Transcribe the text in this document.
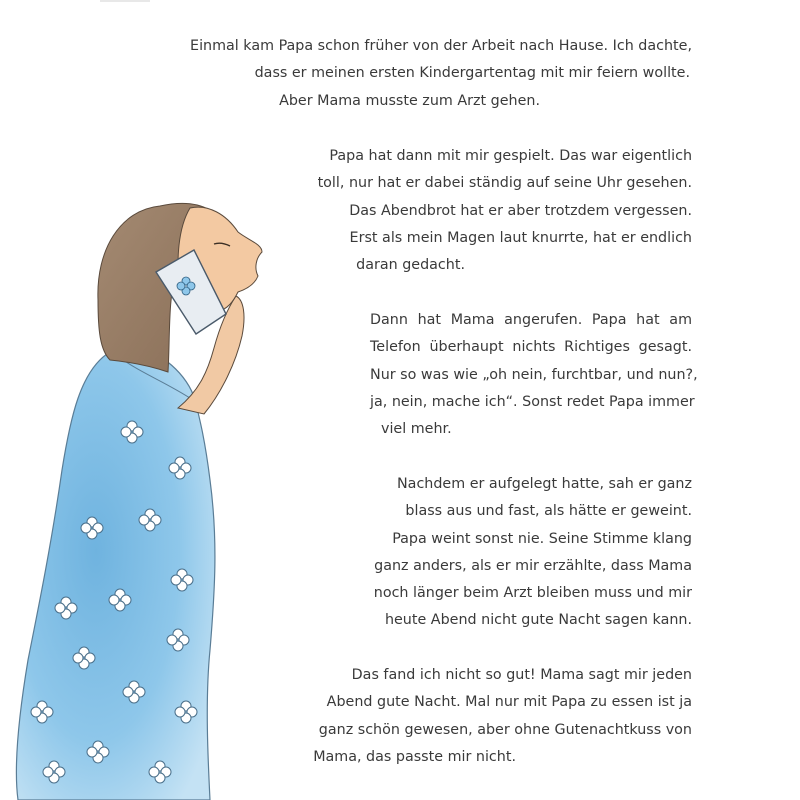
Einmal kam Papa schon früher von der Arbeit nach Hause. Ich dachte,
dass er meinen ersten Kindergartentag mit mir feiern wollte.
Aber Mama musste zum Arzt gehen.
Papa hat dann mit mir gespielt. Das war eigentlich
toll, nur hat er dabei ständig auf seine Uhr gesehen.
Das Abendbrot hat er aber trotzdem vergessen.
Erst als mein Magen laut knurrte, hat er endlich
daran gedacht.
Dann hat Mama angerufen. Papa hat am
Telefon überhaupt nichts Richtiges gesagt.
Nur so was wie „oh nein, furchtbar, und nun?,
ja, nein, mache ich“. Sonst redet Papa immer
viel mehr.
Nachdem er aufgelegt hatte, sah er ganz
blass aus und fast, als hätte er geweint.
Papa weint sonst nie. Seine Stimme klang
ganz anders, als er mir erzählte, dass Mama
noch länger beim Arzt bleiben muss und mir
heute Abend nicht gute Nacht sagen kann.
Das fand ich nicht so gut! Mama sagt mir jeden
Abend gute Nacht. Mal nur mit Papa zu essen ist ja
ganz schön gewesen, aber ohne Gutenachtkuss von
Mama, das passte mir nicht.
